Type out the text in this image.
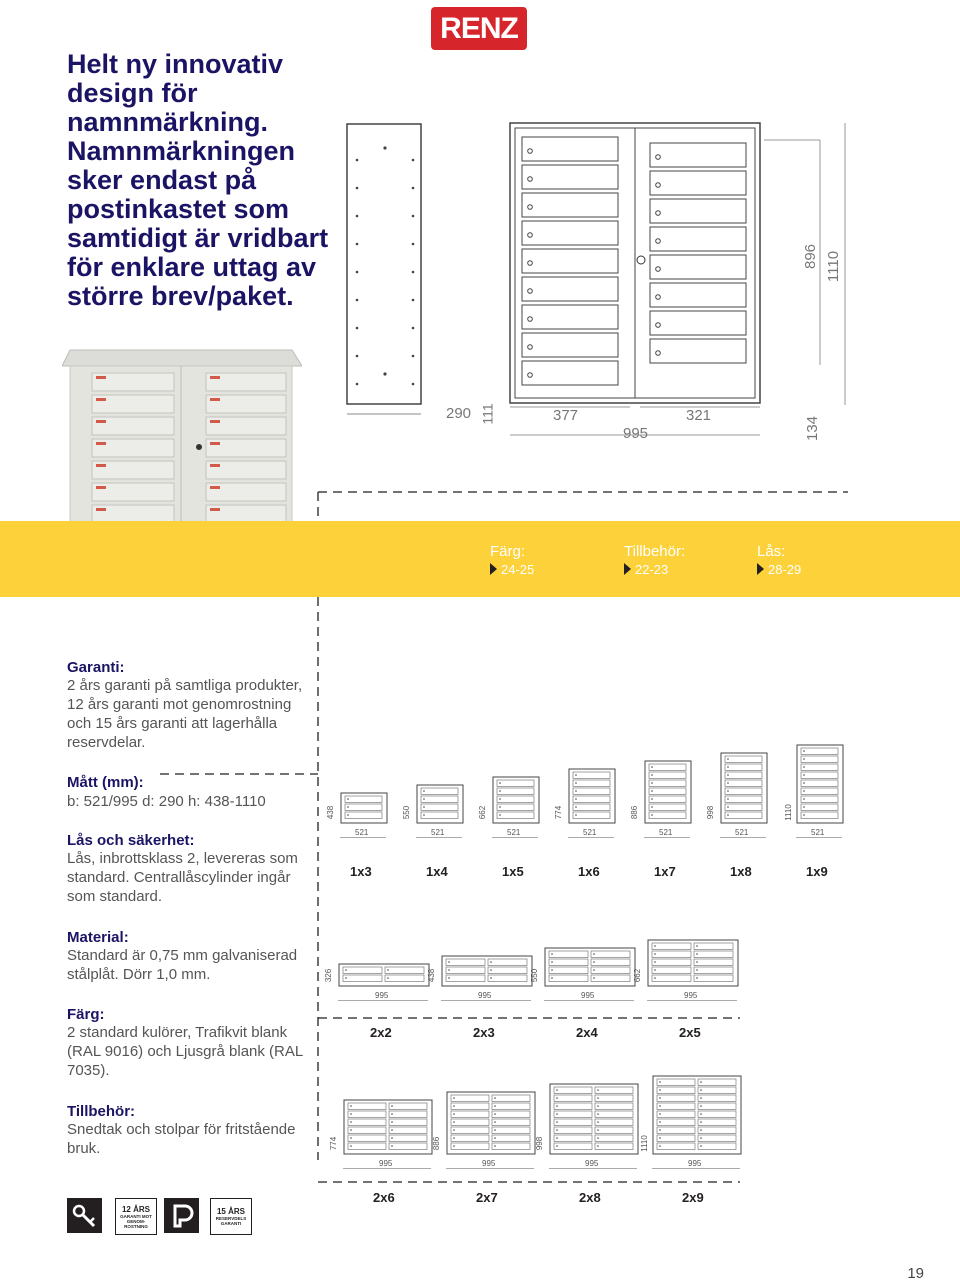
RENZ
Helt ny innovativ design för namnmärkning. Namnmärkningen sker endast på postinkastet som samtidigt är vridbart för enklare uttag av större brev/paket.
290 111	377	321
995	134
896 1110
Färg:
24-25
Tillbehör:
22-23
Lås:
28-29
Garanti:
2 års garanti på samtliga produkter, 12 års garanti mot genomrostning och 15 års garanti att lagerhålla reservdelar.
Mått (mm):
b: 521/995 d: 290 h: 438-1110
Lås och säkerhet:
Lås, inbrottsklass 2, levereras som standard. Centrallåscylinder ingår som standard.
Material:
Standard är 0,75 mm galvaniserad stålplåt. Dörr 1,0 mm.
Färg:
2 standard kulörer, Trafikvit blank (RAL 9016) och Ljusgrå blank (RAL 7035).
Tillbehör:
Snedtak och stolpar för fritstående bruk.
438
521
1x3
550
521
1x4
662
521
1x5
774
521
1x6
886
521
1x7
998
521
1x8
1110
521
1x9
326
995
2x2
438
995
2x3
550
995
2x4
662
995
2x5
774
995
2x6
886
995
2x7
998
995
2x8
1110
995
2x9
12 ÅRS
GARANTI MOT GENOM-ROSTNING
15 ÅRS
RESERVDELS GARANTI
19
